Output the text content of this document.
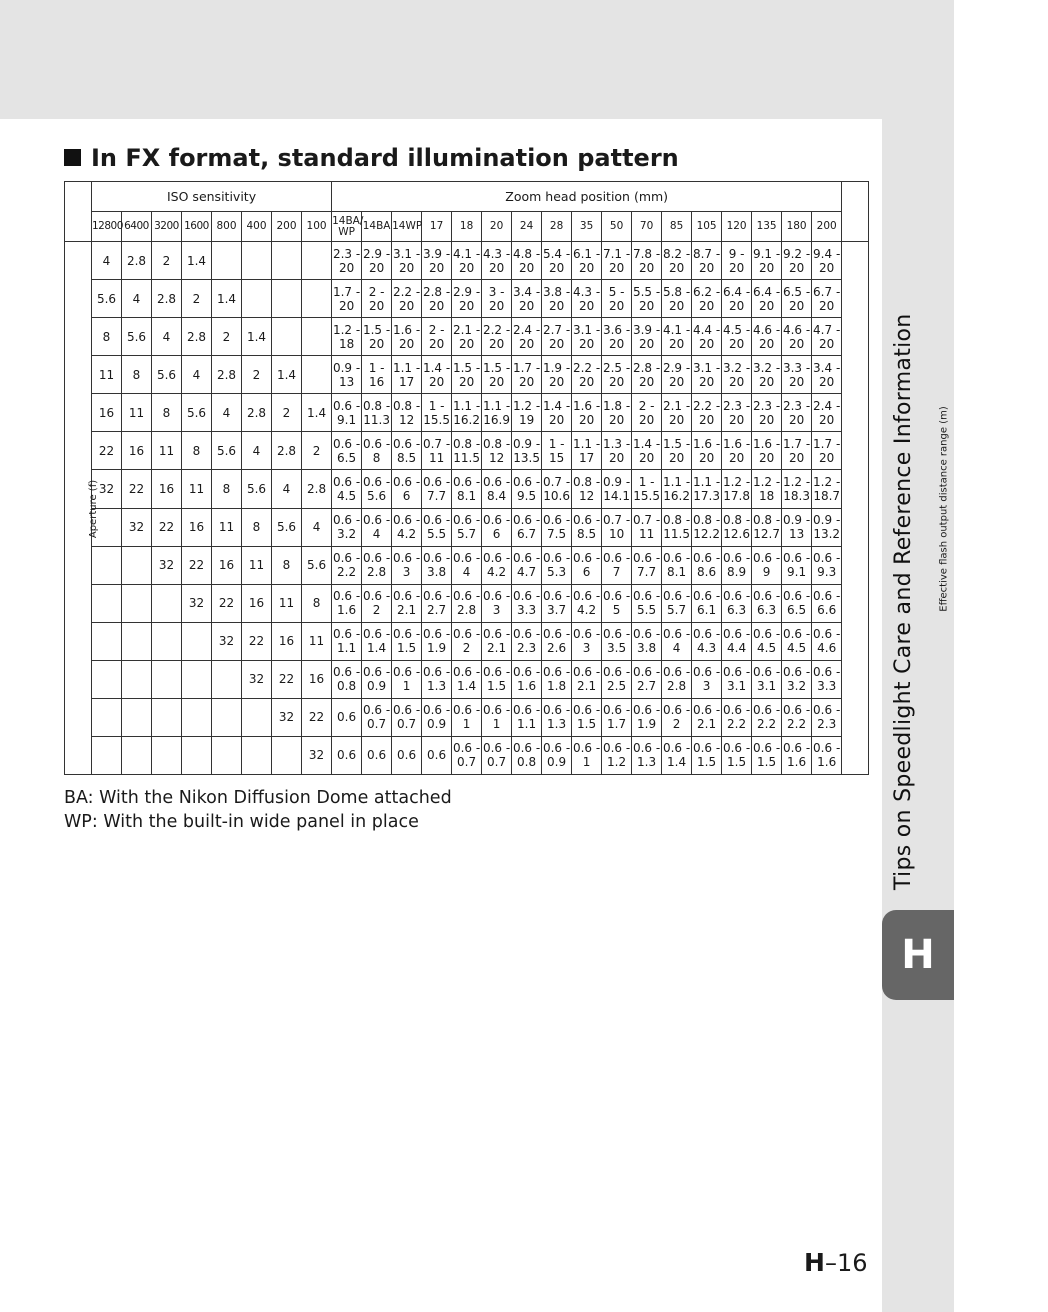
Tips on Speedlight Care and Reference Information
H
In FX format, standard illumination pattern
	ISO sensitivity								Zoom head position (mm)																	
	12800	6400	3200	1600	800	400	200	100	14BA/ WP	14BA	14WP	17	18	20	24	28	35	50	70	85	105	120	135	180	200	
Aperture (f)	4	2.8	2	1.4					2.3 - 20	2.9 - 20	3.1 - 20	3.9 - 20	4.1 - 20	4.3 - 20	4.8 - 20	5.4 - 20	6.1 - 20	7.1 - 20	7.8 - 20	8.2 - 20	8.7 - 20	9 - 20	9.1 - 20	9.2 - 20	9.4 - 20	Effective flash output distance range (m)
	5.6	4	2.8	2	1.4				1.7 - 20	2 - 20	2.2 - 20	2.8 - 20	2.9 - 20	3 - 20	3.4 - 20	3.8 - 20	4.3 - 20	5 - 20	5.5 - 20	5.8 - 20	6.2 - 20	6.4 - 20	6.4 - 20	6.5 - 20	6.7 - 20	

	8	5.6	4	2.8	2	1.4			1.2 - 18	1.5 - 20	1.6 - 20	2 - 20	2.1 - 20	2.2 - 20	2.4 - 20	2.7 - 20	3.1 - 20	3.6 - 20	3.9 - 20	4.1 - 20	4.4 - 20	4.5 - 20	4.6 - 20	4.6 - 20	4.7 - 20	

	11	8	5.6	4	2.8	2	1.4		0.9 - 13	1 - 16	1.1 - 17	1.4 - 20	1.5 - 20	1.5 - 20	1.7 - 20	1.9 - 20	2.2 - 20	2.5 - 20	2.8 - 20	2.9 - 20	3.1 - 20	3.2 - 20	3.2 - 20	3.3 - 20	3.4 - 20	

	16	11	8	5.6	4	2.8	2	1.4	0.6 - 9.1	0.8 - 11.3	0.8 - 12	1 - 15.5	1.1 - 16.2	1.1 - 16.9	1.2 - 19	1.4 - 20	1.6 - 20	1.8 - 20	2 - 20	2.1 - 20	2.2 - 20	2.3 - 20	2.3 - 20	2.3 - 20	2.4 - 20	

	22	16	11	8	5.6	4	2.8	2	0.6 - 6.5	0.6 - 8	0.6 - 8.5	0.7 - 11	0.8 - 11.5	0.8 - 12	0.9 - 13.5	1 - 15	1.1 - 17	1.3 - 20	1.4 - 20	1.5 - 20	1.6 - 20	1.6 - 20	1.6 - 20	1.7 - 20	1.7 - 20	

	32	22	16	11	8	5.6	4	2.8	0.6 - 4.5	0.6 - 5.6	0.6 - 6	0.6 - 7.7	0.6 - 8.1	0.6 - 8.4	0.6 - 9.5	0.7 - 10.6	0.8 - 12	0.9 - 14.1	1 - 15.5	1.1 - 16.2	1.1 - 17.3	1.2 - 17.8	1.2 - 18	1.2 - 18.3	1.2 - 18.7	

		32	22	16	11	8	5.6	4	0.6 - 3.2	0.6 - 4	0.6 - 4.2	0.6 - 5.5	0.6 - 5.7	0.6 - 6	0.6 - 6.7	0.6 - 7.5	0.6 - 8.5	0.7 - 10	0.7 - 11	0.8 - 11.5	0.8 - 12.2	0.8 - 12.6	0.8 - 12.7	0.9 - 13	0.9 - 13.2	

			32	22	16	11	8	5.6	0.6 - 2.2	0.6 - 2.8	0.6 - 3	0.6 - 3.8	0.6 - 4	0.6 - 4.2	0.6 - 4.7	0.6 - 5.3	0.6 - 6	0.6 - 7	0.6 - 7.7	0.6 - 8.1	0.6 - 8.6	0.6 - 8.9	0.6 - 9	0.6 - 9.1	0.6 - 9.3	

				32	22	16	11	8	0.6 - 1.6	0.6 - 2	0.6 - 2.1	0.6 - 2.7	0.6 - 2.8	0.6 - 3	0.6 - 3.3	0.6 - 3.7	0.6 - 4.2	0.6 - 5	0.6 - 5.5	0.6 - 5.7	0.6 - 6.1	0.6 - 6.3	0.6 - 6.3	0.6 - 6.5	0.6 - 6.6	

					32	22	16	11	0.6 - 1.1	0.6 - 1.4	0.6 - 1.5	0.6 - 1.9	0.6 - 2	0.6 - 2.1	0.6 - 2.3	0.6 - 2.6	0.6 - 3	0.6 - 3.5	0.6 - 3.8	0.6 - 4	0.6 - 4.3	0.6 - 4.4	0.6 - 4.5	0.6 - 4.5	0.6 - 4.6	

						32	22	16	0.6 - 0.8	0.6 - 0.9	0.6 - 1	0.6 - 1.3	0.6 - 1.4	0.6 - 1.5	0.6 - 1.6	0.6 - 1.8	0.6 - 2.1	0.6 - 2.5	0.6 - 2.7	0.6 - 2.8	0.6 - 3	0.6 - 3.1	0.6 - 3.1	0.6 - 3.2	0.6 - 3.3	

							32	22	0.6	0.6 - 0.7	0.6 - 0.7	0.6 - 0.9	0.6 - 1	0.6 - 1	0.6 - 1.1	0.6 - 1.3	0.6 - 1.5	0.6 - 1.7	0.6 - 1.9	0.6 - 2	0.6 - 2.1	0.6 - 2.2	0.6 - 2.2	0.6 - 2.2	0.6 - 2.3	

								32	0.6	0.6	0.6	0.6	0.6 - 0.7	0.6 - 0.7	0.6 - 0.8	0.6 - 0.9	0.6 - 1	0.6 - 1.2	0.6 - 1.3	0.6 - 1.4	0.6 - 1.5	0.6 - 1.5	0.6 - 1.5	0.6 - 1.6	0.6 - 1.6	
BA: With the Nikon Diffusion Dome attached
WP: With the built-in wide panel in place
H–16
